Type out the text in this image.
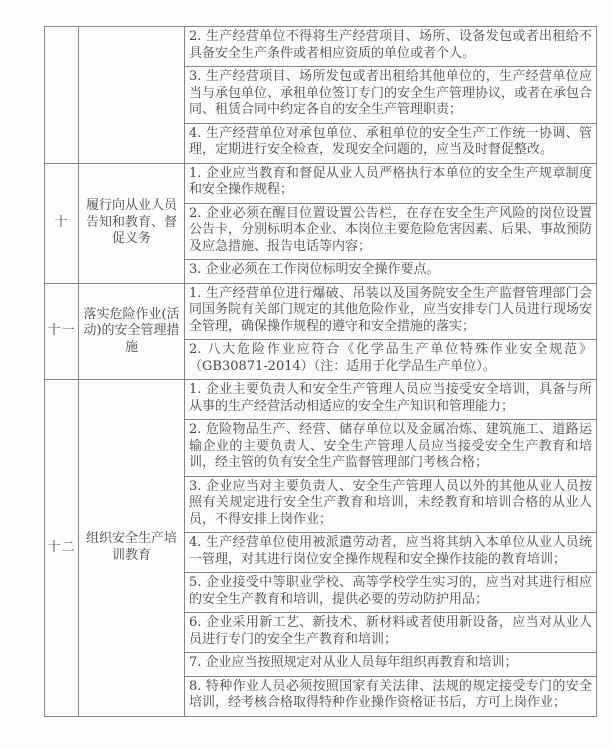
		2. 生产经营单位不得将生产经营项目、场所、设备发包或者出租给不具备安全生产条件或者相应资质的单位或者个人。
		3. 生产经营项目、场所发包或者出租给其他单位的，生产经营单位应当与承包单位、承租单位签订专门的安全生产管理协议，或者在承包合同、租赁合同中约定各自的安全生产管理职责；
		4. 生产经营单位对承包单位、承租单位的安全生产工作统一协调、管理，定期进行安全检查，发现安全问题的，应当及时督促整改。
十	履行向从业人员告知和教育、督促义务	1. 企业应当教育和督促从业人员严格执行本单位的安全生产规章制度和安全操作规程；
		2. 企业必须在醒目位置设置公告栏，在存在安全生产风险的岗位设置公告卡，分别标明本企业、本岗位主要危险危害因素、后果、事故预防及应急措施、报告电话等内容；
		3. 企业必须在工作岗位标明安全操作要点。
十一	落实危险作业(活动)的安全管理措施	1. 生产经营单位进行爆破、吊装以及国务院安全生产监督管理部门会同国务院有关部门规定的其他危险作业，应当安排专门人员进行现场安全管理，确保操作规程的遵守和安全措施的落实；
		2. 八大危险作业应符合《化学品生产单位特殊作业安全规范》（GB30871-2014）（注：适用于化学品生产单位）。
十二	组织安全生产培训教育	1. 企业主要负责人和安全生产管理人员应当接受安全培训，具备与所从事的生产经营活动相适应的安全生产知识和管理能力；
		2. 危险物品生产、经营、储存单位以及金属冶炼、建筑施工、道路运输企业的主要负责人、安全生产管理人员应当接受安全生产教育和培训，经主管的负有安全生产监督管理部门考核合格；
		3. 企业应当对主要负责人、安全生产管理人员以外的其他从业人员按照有关规定进行安全生产教育和培训，未经教育和培训合格的从业人员，不得安排上岗作业；
		4. 生产经营单位使用被派遣劳动者，应当将其纳入本单位从业人员统一管理，对其进行岗位安全操作规程和安全操作技能的教育培训；
		5. 企业接受中等职业学校、高等学校学生实习的，应当对其进行相应的安全生产教育和培训，提供必要的劳动防护用品；
		6. 企业采用新工艺、新技术、新材料或者使用新设备，应当对从业人员进行专门的安全生产教育和培训；
		7. 企业应当按照规定对从业人员每年组织再教育和培训；
		8. 特种作业人员必须按照国家有关法律、法规的规定接受专门的安全培训，经考核合格取得特种作业操作资格证书后，方可上岗作业；
